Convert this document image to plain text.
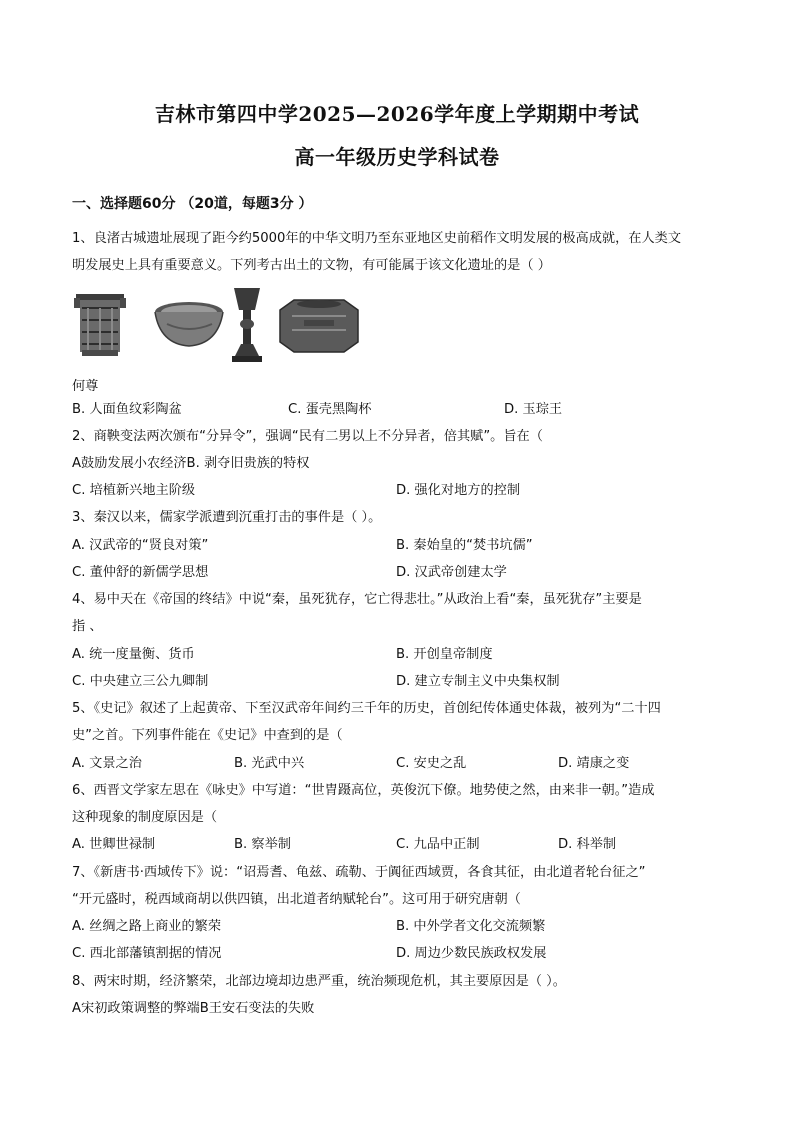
吉林市第四中学2025—2026学年度上学期期中考试
高一年级历史学科试卷
一、选择题60分 （20道，每题3分 ）
1、良渚古城遗址展现了距今约5000年的中华文明乃至东亚地区史前稻作文明发展的极高成就，在人类文
明发展史上具有重要意义。下列考古出土的文物，有可能属于该文化遗址的是（ ）
何尊
B. 人面鱼纹彩陶盆	C. 蛋壳黑陶杯	D. 玉琮王
2、商鞅变法两次颁布“分异令”，强调“民有二男以上不分异者，倍其赋”。旨在（
A鼓励发展小农经济B. 剥夺旧贵族的特权
C. 培植新兴地主阶级	D. 强化对地方的控制
3、秦汉以来，儒家学派遭到沉重打击的事件是（ ）。
A. 汉武帝的“贤良对策”	B. 秦始皇的“焚书坑儒”
C. 董仲舒的新儒学思想	D. 汉武帝创建太学
4、易中天在《帝国的终结》中说“秦，虽死犹存，它亡得悲壮。”从政治上看“秦，虽死犹存”主要是
指 、
A. 统一度量衡、货币	B. 开创皇帝制度
C. 中央建立三公九卿制	D. 建立专制主义中央集权制
5、《史记》叙述了上起黄帝、下至汉武帝年间约三千年的历史，首创纪传体通史体裁，被列为“二十四
史”之首。下列事件能在《史记》中查到的是（
A. 文景之治	B. 光武中兴	C. 安史之乱	D. 靖康之变
6、西晋文学家左思在《咏史》中写道：“世胄蹑高位，英俊沉下僚。地势使之然，由来非一朝。”造成
这种现象的制度原因是（
A. 世卿世禄制	B. 察举制	C. 九品中正制	D. 科举制
7、《新唐书·西域传下》说：“诏焉耆、龟兹、疏勒、于阗征西域贾，各食其征，由北道者轮台征之”
“开元盛时，税西域商胡以供四镇，出北道者纳赋轮台”。这可用于研究唐朝（
A. 丝绸之路上商业的繁荣	B. 中外学者文化交流频繁
C. 西北部藩镇割据的情况	D. 周边少数民族政权发展
8、两宋时期，经济繁荣，北部边境却边患严重，统治频现危机，其主要原因是（ ）。
A宋初政策调整的弊端B王安石变法的失败
